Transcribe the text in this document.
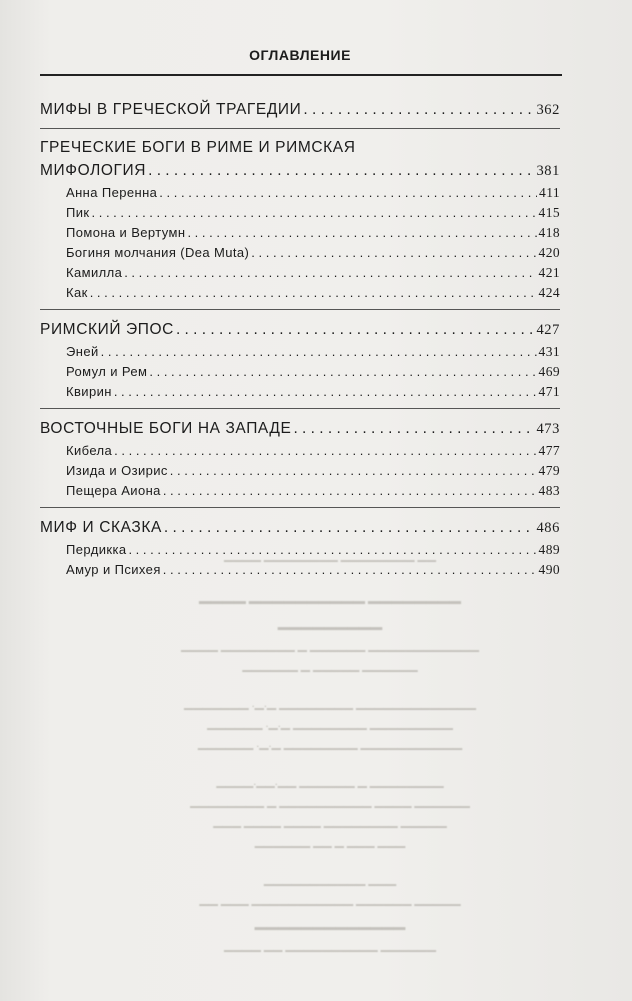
ОГЛАВЛЕНИЕ
МИФЫ В ГРЕЧЕСКОЙ ТРАГЕДИИ . . .	362
ГРЕЧЕСКИЕ БОГИ В РИМЕ И РИМСКАЯ
МИФОЛОГИЯ . . .	381
Анна Перенна . . .	411
Пик . . .	415
Помона и Вертумн . . .	418
Богиня молчания (Dea Muta) . . .	420
Камилла . . .	421
Как . . .	424
РИМСКИЙ ЭПОС . . .	427
Эней . . .	431
Ромул и Рем . . .	469
Квирин . . .	471
ВОСТОЧНЫЕ БОГИ НА ЗАПАДЕ . . .	473
Кибела . . .	477
Изида и Озирис . . .	479
Пещера Аиона . . .	483
МИФ И СКАЗКА . . .	486
Пердикка . . .	489
Амур и Психея . . .	490
▁▁ ▁▁▁▁▁▁▁▁ ▁▁▁▁▁▁▁▁ ▁▁▁▁
▁▁▁▁▁▁▁▁ ▁▁▁▁▁▁▁▁▁▁ ▁▁▁▁
▁▁▁▁▁▁▁▁▁
▁▁▁▁▁▁▁▁▁▁▁▁ ▁▁▁▁▁▁ ▁ ▁▁▁▁▁▁▁▁ ▁▁▁▁
▁▁▁▁▁▁ ▁▁▁▁▁ ▁ ▁▁▁▁▁▁
▁▁▁▁▁▁▁▁▁▁▁▁▁ ▁▁▁▁▁▁▁▁ ▁.▁. ▁▁▁▁▁▁▁
▁▁▁▁▁▁▁▁▁ ▁▁▁▁▁▁▁▁ ▁.▁. ▁▁▁▁▁▁
▁▁▁▁▁▁▁▁▁▁▁ ▁▁▁▁▁▁▁▁ ▁.▁. ▁▁▁▁▁▁
▁▁▁▁▁▁▁▁ ▁ ▁▁▁▁▁▁ ▁▁.▁▁.▁▁▁▁
▁▁▁▁▁▁ ▁▁▁▁ ▁▁▁▁▁▁▁▁▁▁ ▁ ▁▁▁▁▁▁▁▁
▁▁▁▁▁ ▁▁▁▁▁▁▁▁ ▁▁▁▁ ▁▁▁▁ ▁▁▁
▁▁▁ ▁▁▁ ▁ ▁▁ ▁▁▁▁▁▁
▁▁▁ ▁▁▁▁▁▁▁▁▁▁▁
▁▁▁▁▁ ▁▁▁▁▁▁ ▁▁▁▁▁▁▁▁▁▁▁ ▁▁▁ ▁▁
▁▁▁▁▁▁▁▁▁▁▁▁▁
▁▁▁▁▁▁ ▁▁▁▁▁▁▁▁▁▁ ▁▁ ▁▁▁▁
